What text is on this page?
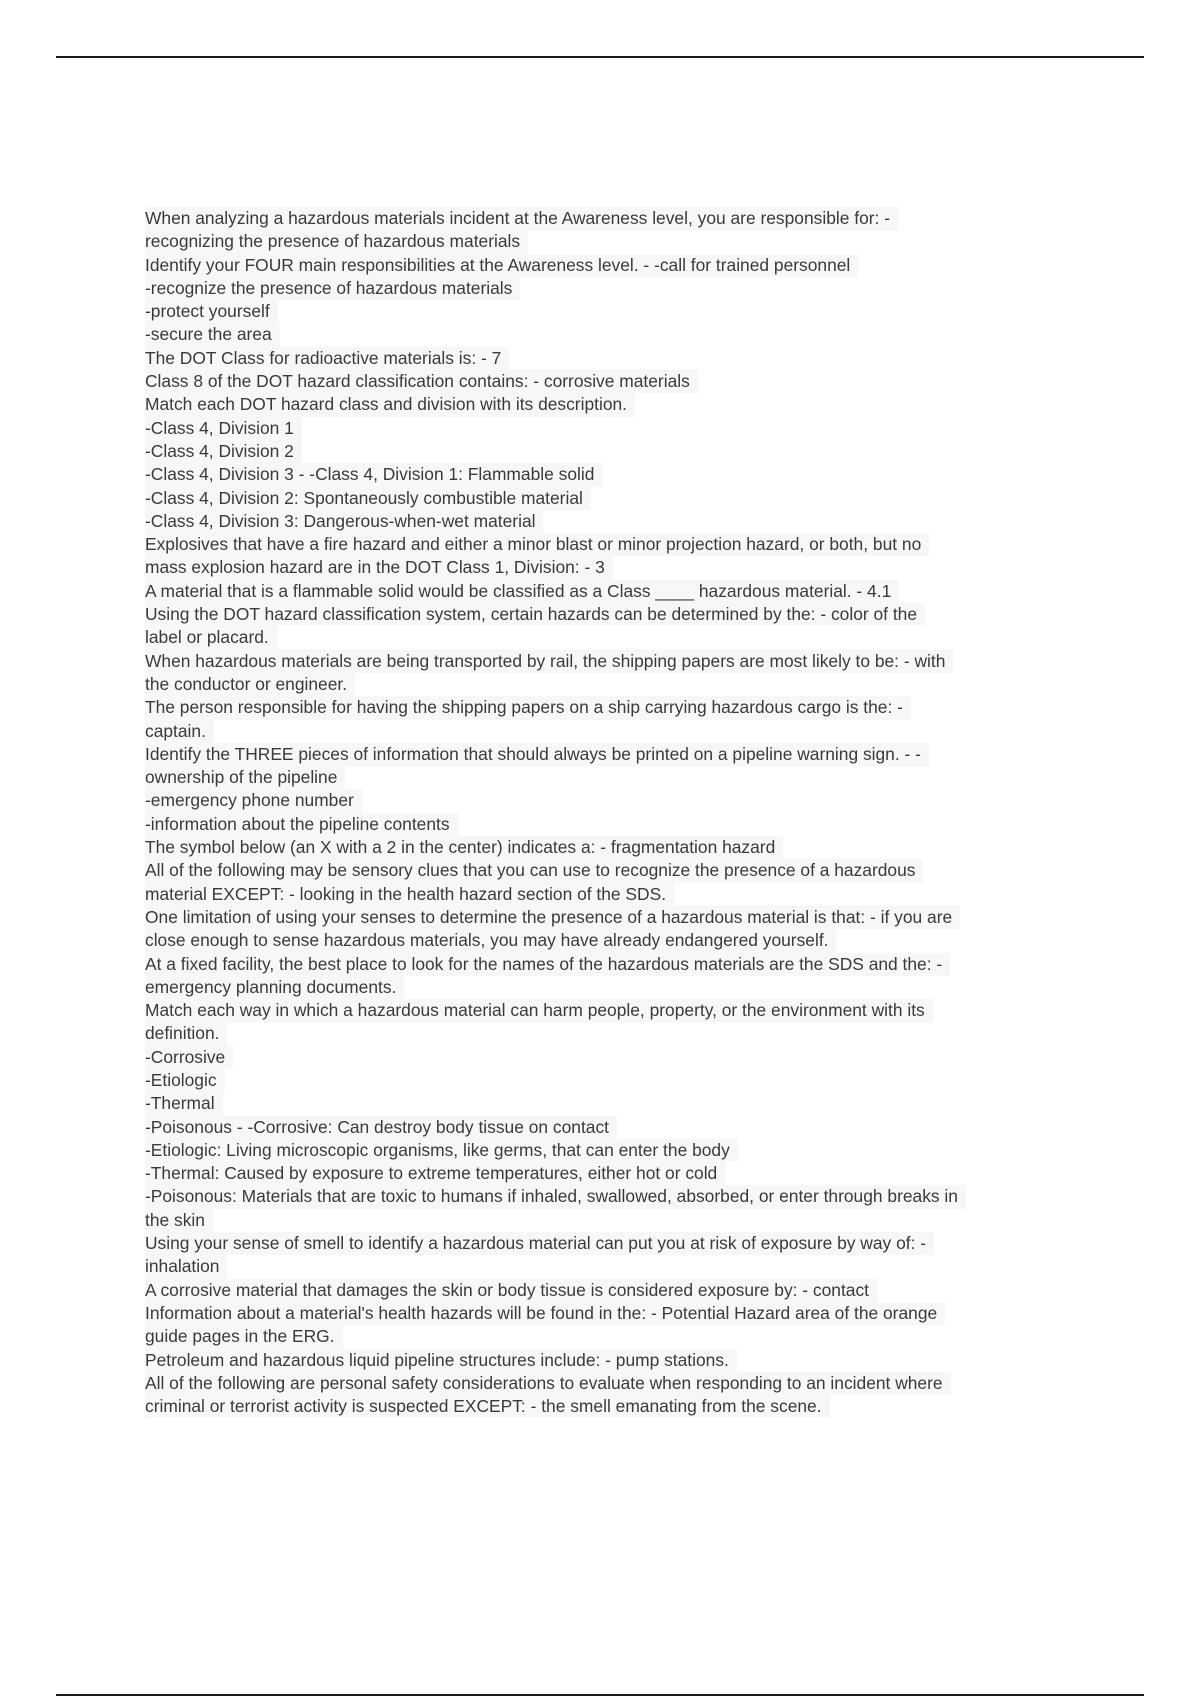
When analyzing a hazardous materials incident at the Awareness level, you are responsible for: -
recognizing the presence of hazardous materials
Identify your FOUR main responsibilities at the Awareness level. - -call for trained personnel
-recognize the presence of hazardous materials
-protect yourself
-secure the area
The DOT Class for radioactive materials is: - 7
Class 8 of the DOT hazard classification contains: - corrosive materials
Match each DOT hazard class and division with its description.
-Class 4, Division 1
-Class 4, Division 2
-Class 4, Division 3 - -Class 4, Division 1: Flammable solid
-Class 4, Division 2: Spontaneously combustible material
-Class 4, Division 3: Dangerous-when-wet material
Explosives that have a fire hazard and either a minor blast or minor projection hazard, or both, but no
mass explosion hazard are in the DOT Class 1, Division: - 3
A material that is a flammable solid would be classified as a Class ____ hazardous material. - 4.1
Using the DOT hazard classification system, certain hazards can be determined by the: - color of the
label or placard.
When hazardous materials are being transported by rail, the shipping papers are most likely to be: - with
the conductor or engineer.
The person responsible for having the shipping papers on a ship carrying hazardous cargo is the: -
captain.
Identify the THREE pieces of information that should always be printed on a pipeline warning sign. - -
ownership of the pipeline
-emergency phone number
-information about the pipeline contents
The symbol below (an X with a 2 in the center) indicates a: - fragmentation hazard
All of the following may be sensory clues that you can use to recognize the presence of a hazardous
material EXCEPT: - looking in the health hazard section of the SDS.
One limitation of using your senses to determine the presence of a hazardous material is that: - if you are
close enough to sense hazardous materials, you may have already endangered yourself.
At a fixed facility, the best place to look for the names of the hazardous materials are the SDS and the: -
emergency planning documents.
Match each way in which a hazardous material can harm people, property, or the environment with its
definition.
-Corrosive
-Etiologic
-Thermal
-Poisonous - -Corrosive: Can destroy body tissue on contact
-Etiologic: Living microscopic organisms, like germs, that can enter the body
-Thermal: Caused by exposure to extreme temperatures, either hot or cold
-Poisonous: Materials that are toxic to humans if inhaled, swallowed, absorbed, or enter through breaks in
the skin
Using your sense of smell to identify a hazardous material can put you at risk of exposure by way of: -
inhalation
A corrosive material that damages the skin or body tissue is considered exposure by: - contact
Information about a material's health hazards will be found in the: - Potential Hazard area of the orange
guide pages in the ERG.
Petroleum and hazardous liquid pipeline structures include: - pump stations.
All of the following are personal safety considerations to evaluate when responding to an incident where
criminal or terrorist activity is suspected EXCEPT: - the smell emanating from the scene.
